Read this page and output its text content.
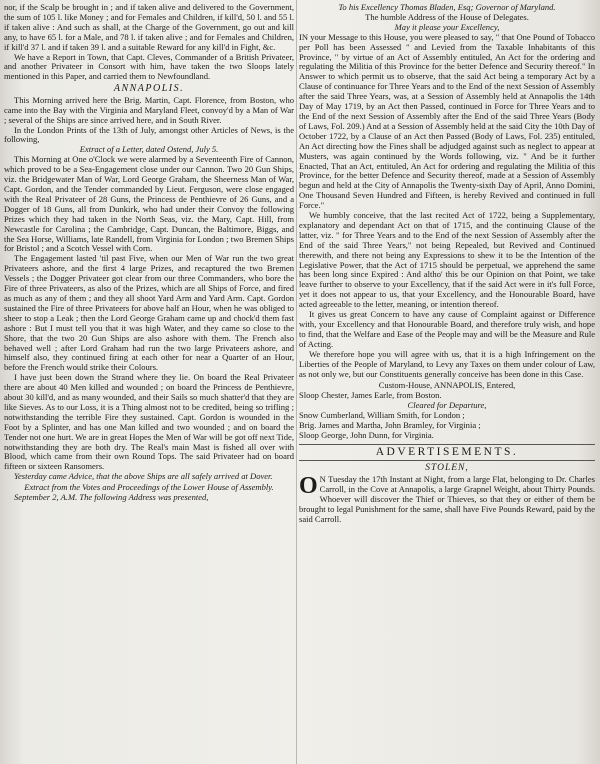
nor, if the Scalp be brought in ; and if taken alive and delivered to the Government, the sum of 105 l. like Money ; and for Females and Children, if kill'd, 50 l. and 55 l. if taken alive : And such as shall, at the Charge of the Government, go out and kill any, to have 65 l. for a Male, and 78 l. if taken alive ; and for Females and Children, if kill'd 37 l. and if taken 39 l. and a suitable Reward for any kill'd in Fight, &c.

We have a Report in Town, that Capt. Cleves, Commander of a British Privateer, and another Privateer in Consort with him, have taken the two Sloops lately mentioned in this Paper, and carried them to Newfoundland.

ANNAPOLIS.

This Morning arrived here the Brig. Martin, Capt. Florence, from Boston, who came into the Bay with the Virginia and Maryland Fleet, convoy'd by a Man of War ; several of the Ships are since arrived here, and in South River.

In the London Prints of the 13th of July, amongst other Articles of News, is the following,

Extract of a Letter, dated Ostend, July 5.

This Morning at One o'Clock we were alarmed by a Seventeenth Fire of Cannon, which proved to be a Sea-Engagement close under our Cannon. Two 20 Gun Ships, viz. the Bridgewater Man of War, Lord George Graham, the Sheerness Man of War, Capt. Gordon, and the Tender commanded by Lieut. Ferguson, were close engaged with the Real Privateer of 28 Guns, the Princess de Penthievre of 26 Guns, and a Dogger of 18 Guns, all from Dunkirk, who had under their Convoy the following Prizes which they had taken in the North Seas, viz. the Mary, Capt. Hill, from Newcastle for Carolina ; the Cambridge, Capt. Duncan, the Baltimore, Biggs, and the Sea Horse, Williams, late Randell, from Virginia for London ; two Bremen Ships for Bristol ; and a Scotch Vessel with Corn.

The Engagement lasted 'til past Five, when our Men of War run the two great Privateers ashore, and the first 4 large Prizes, and recaptured the two Bremen Vessels ; the Dogger Privateer got clear from our three Commanders, who bore the Fire of three Privateers, as also of the Prizes, which are all Ships of Force, and fired as much as any of them ; and they all shoot Yard Arm and Yard Arm. Capt. Gordon sustained the Fire of three Privateers for above half an Hour, when he was obliged to sheer to stop a Leak ; then the Lord George Graham came up and chock'd them fast ashore : But I must tell you that it was high Water, and they came so close to the Shore, that the two 20 Gun Ships are also ashore with them. The French also behaved well ; after Lord Graham had run the two large Privateers ashore, and himself also, they continued firing at each other for near a Quarter of an Hour, before the French would strike their Colours.

I have just been down the Strand where they lie. On board the Real Privateer there are about 40 Men killed and wounded ; on board the Princess de Penthievre, about 30 kill'd, and as many wounded, and their Sails so much shatter'd that they are like Sieves. As to our Loss, it is a Thing almost not to be credited, being so trifling ; notwithstanding the terrible Fire they sustained. Capt. Gordon is wounded in the Foot by a Splinter, and has one Man killed and two wounded ; and on board the Tender not one hurt. We are in great Hopes the Men of War will be got off next Tide, notwithstanding they are both dry. The Real's main Mast is fished all over with Blood, which came from their own Round Tops. The said Privateer had on board fifteen or sixteen Ransomers.

Yesterday came Advice, that the above Ships are all safely arrived at Dover.

Extract from the Votes and Proceedings of the Lower House of Assembly.

September 2, A.M. The following Address was presented,

To his Excellency Thomas Bladen, Esq; Governor of Maryland.
The humble Address of the House of Delegates.
May it please your Excellency,

IN your Message to this House, you were pleased to say, " that One Pound of Tobacco per Poll has been Assessed " and Levied from the Taxable Inhabitants of this Province, " by virtue of an Act of Assembly entituled, An Act for the ordering and regulating the Militia of this Province for the better Defence and Security thereof." In Answer to which permit us to observe, that the said Act being a temporary Act by a Clause of continuance for Three Years and to the End of the next Session of Assembly after the said Three Years, was, at a Session of Assembly held at Annapolis the 14th Day of May 1719, by an Act then Passed, continued in Force for Three Years and to the End of the next Session of Assembly after the End of the said Three Years (Body of Laws, Fol. 209.) And at a Session of Assembly held at the said City the 10th Day of October 1722, by a Clause of an Act then Passed (Body of Laws, Fol. 235) entituled, An Act directing how the Fines shall be adjudged against such as neglect to appear at Musters, was again continued by the Words following, viz. " And be it further Enacted, That an Act, entituled, An Act for ordering and regulating the Militia of this Province, for the better Defence and Security thereof, made at a Session of Assembly begun and held at the City of Annapolis the Twenty-sixth Day of April, Anno Domini, One Thousand Seven Hundred and Fifteen, is hereby Revived and continued in full Force."

We humbly conceive, that the last recited Act of 1722, being a Supplementary, explanatory and dependant Act on that of 1715, and the continuing Clause of the latter, viz. " for Three Years and to the End of the next Session of Assembly after the End of the said Three Years," not being Repealed, but Revived and Continued therewith, and there not being any Expressions to shew it to be the Intention of the Legislative Power, that the Act of 1715 should be perpetual, we apprehend the same has been long since Expired : And altho' this be our Opinion on that Point, we take leave further to observe to your Excellency, that if the said Act were in it's full Force, yet it does not appear to us, that your Excellency, and the Honourable Board, have acted agreeable to the letter, meaning, or intention thereof.

It gives us great Concern to have any cause of Complaint against or Difference with, your Excellency and that Honourable Board, and therefore truly wish, and hope to find, that the Welfare and Ease of the People may and will be the Measure and Rule of Acting.

We therefore hope you will agree with us, that it is a high Infringement on the Liberties of the People of Maryland, to Levy any Taxes on them under colour of Law, as not only we, but our Constituents generally conceive has been done in this Case.

Custom-House, ANNAPOLIS, Entered,
Sloop Chester, James Earle, from Boston.
Cleared for Departure,
Snow Cumberland, William Smith, for London ;
Brig. James and Martha, John Bramley, for Virginia ;
Sloop George, John Dunn, for Virginia.
ADVERTISEMENTS.
STOLEN,

O N Tuesday the 17th Instant at Night, from a large Flat, belonging to Dr. Charles Carroll, in the Cove at Annapolis, a large Grapnel Weight, about Thirty Pounds. Whoever will discover the Thief or Thieves, so that they or either of them be brought to legal Punishment for the same, shall have Five Pounds Reward, paid by the said Carroll.
